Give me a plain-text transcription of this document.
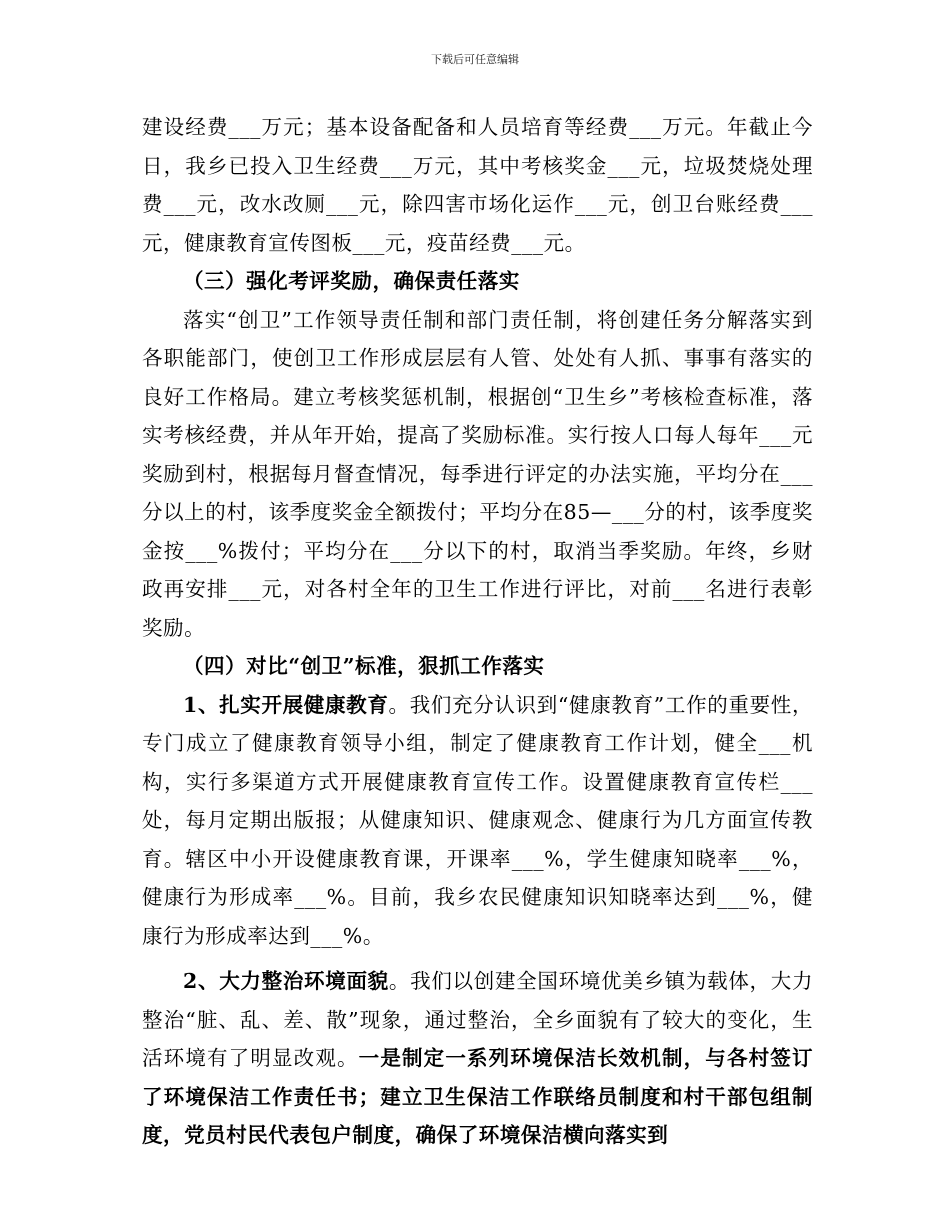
下载后可任意编辑

建设经费___万元；基本设备配备和人员培育等经费___万元。年截止今日，我乡已投入卫生经费___万元，其中考核奖金___元，垃圾焚烧处理费___元，改水改厕___元，除四害市场化运作___元，创卫台账经费___元，健康教育宣传图板___元，疫苗经费___元。

（三）强化考评奖励，确保责任落实

落实“创卫”工作领导责任制和部门责任制，将创建任务分解落实到各职能部门，使创卫工作形成层层有人管、处处有人抓、事事有落实的良好工作格局。建立考核奖惩机制，根据创“卫生乡”考核检查标准，落实考核经费，并从年开始，提高了奖励标准。实行按人口每人每年___元奖励到村，根据每月督查情况，每季进行评定的办法实施，平均分在___分以上的村，该季度奖金全额拨付；平均分在85—___分的村，该季度奖金按___%拨付；平均分在___分以下的村，取消当季奖励。年终，乡财政再安排___元，对各村全年的卫生工作进行评比，对前___名进行表彰奖励。

（四）对比“创卫”标准，狠抓工作落实

1、扎实开展健康教育。我们充分认识到“健康教育”工作的重要性，专门成立了健康教育领导小组，制定了健康教育工作计划，健全___机构，实行多渠道方式开展健康教育宣传工作。设置健康教育宣传栏___处，每月定期出版报；从健康知识、健康观念、健康行为几方面宣传教育。辖区中小开设健康教育课，开课率___%，学生健康知晓率___%，健康行为形成率___%。目前，我乡农民健康知识知晓率达到___%，健康行为形成率达到___%。

2、大力整治环境面貌。我们以创建全国环境优美乡镇为载体，大力整治“脏、乱、差、散”现象，通过整治，全乡面貌有了较大的变化，生活环境有了明显改观。一是制定一系列环境保洁长效机制，与各村签订了环境保洁工作责任书；建立卫生保洁工作联络员制度和村干部包组制度，党员村民代表包户制度，确保了环境保洁横向落实到
